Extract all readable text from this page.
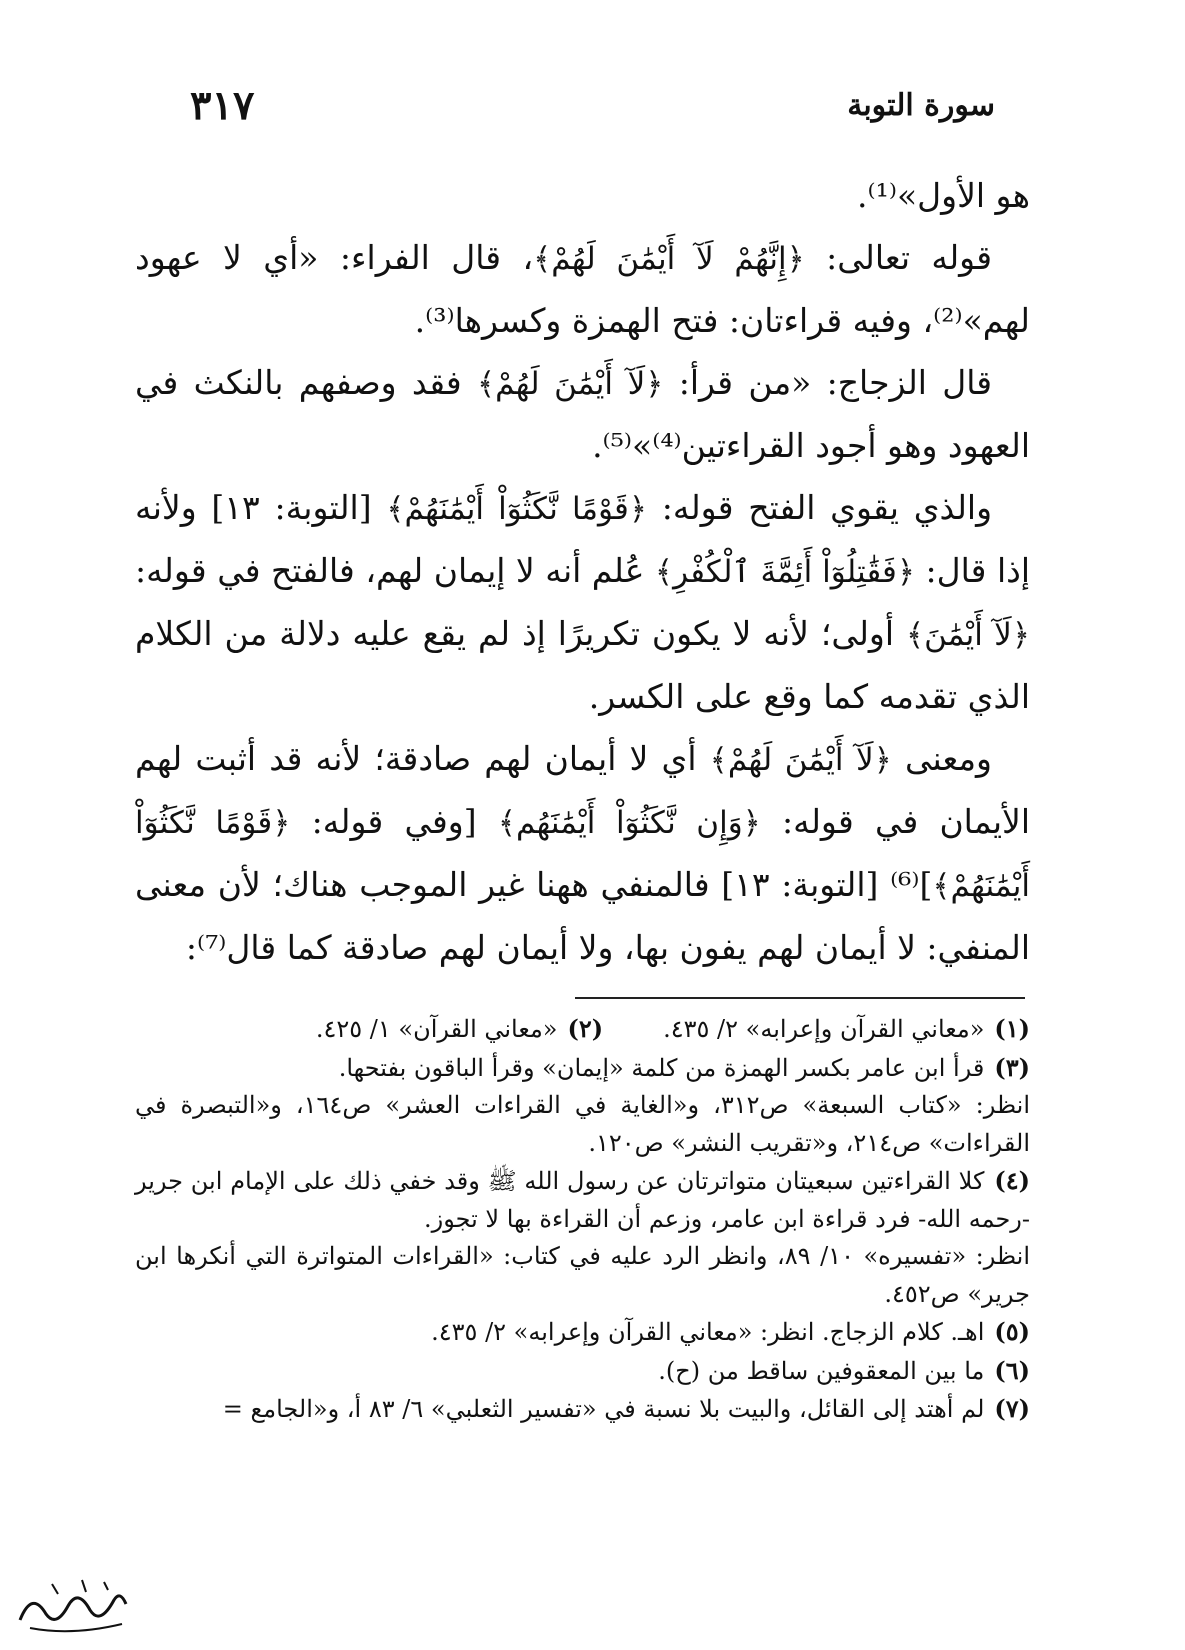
٣١٧	سورة التوبة

هو الأول»⁽¹⁾.

قوله تعالى: ﴿إِنَّهُمْ لَآ أَيْمَٰنَ لَهُمْ﴾، قال الفراء: «أي لا عهود لهم»⁽²⁾، وفيه قراءتان: فتح الهمزة وكسرها⁽³⁾.

قال الزجاج: «من قرأ: ﴿لَآ أَيْمَٰنَ لَهُمْ﴾ فقد وصفهم بالنكث في العهود وهو أجود القراءتين⁽⁴⁾»⁽⁵⁾.

والذي يقوي الفتح قوله: ﴿قَوْمًا نَّكَثُوٓاْ أَيْمَٰنَهُمْ﴾ [التوبة: ١٣] ولأنه إذا قال: ﴿فَقَٰتِلُوٓاْ أَئِمَّةَ ٱلْكُفْرِ﴾ عُلم أنه لا إيمان لهم، فالفتح في قوله: ﴿لَآ أَيْمَٰنَ﴾ أولى؛ لأنه لا يكون تكريرًا إذ لم يقع عليه دلالة من الكلام الذي تقدمه كما وقع على الكسر.

ومعنى ﴿لَآ أَيْمَٰنَ لَهُمْ﴾ أي لا أيمان لهم صادقة؛ لأنه قد أثبت لهم الأيمان في قوله: ﴿وَإِن نَّكَثُوٓاْ أَيْمَٰنَهُم﴾ [وفي قوله: ﴿قَوْمًا نَّكَثُوٓاْ أَيْمَٰنَهُمْ﴾]⁽⁶⁾ [التوبة: ١٣] فالمنفي ههنا غير الموجب هناك؛ لأن معنى المنفي: لا أيمان لهم يفون بها، ولا أيمان لهم صادقة كما قال⁽⁷⁾:

(١)«معاني القرآن وإعرابه» ٢/ ٤٣٥.(٢)«معاني القرآن» ١/ ٤٢٥.

(٣)قرأ ابن عامر بكسر الهمزة من كلمة «إيمان» وقرأ الباقون بفتحها.

انظر: «كتاب السبعة» ص٣١٢، و«الغاية في القراءات العشر» ص١٦٤، و«التبصرة في القراءات» ص٢١٤، و«تقريب النشر» ص١٢٠.

(٤)كلا القراءتين سبعيتان متواترتان عن رسول الله ﷺ وقد خفي ذلك على الإمام ابن جرير -رحمه الله- فرد قراءة ابن عامر، وزعم أن القراءة بها لا تجوز.

انظر: «تفسيره» ١٠/ ٨٩، وانظر الرد عليه في كتاب: «القراءات المتواترة التي أنكرها ابن جرير» ص٤٥٢.

(٥)اهـ. كلام الزجاج. انظر: «معاني القرآن وإعرابه» ٢/ ٤٣٥.

(٦)ما بين المعقوفين ساقط من (ح).

(٧)لم أهتد إلى القائل، والبيت بلا نسبة في «تفسير الثعلبي» ٦/ ٨٣ أ، و«الجامع =
